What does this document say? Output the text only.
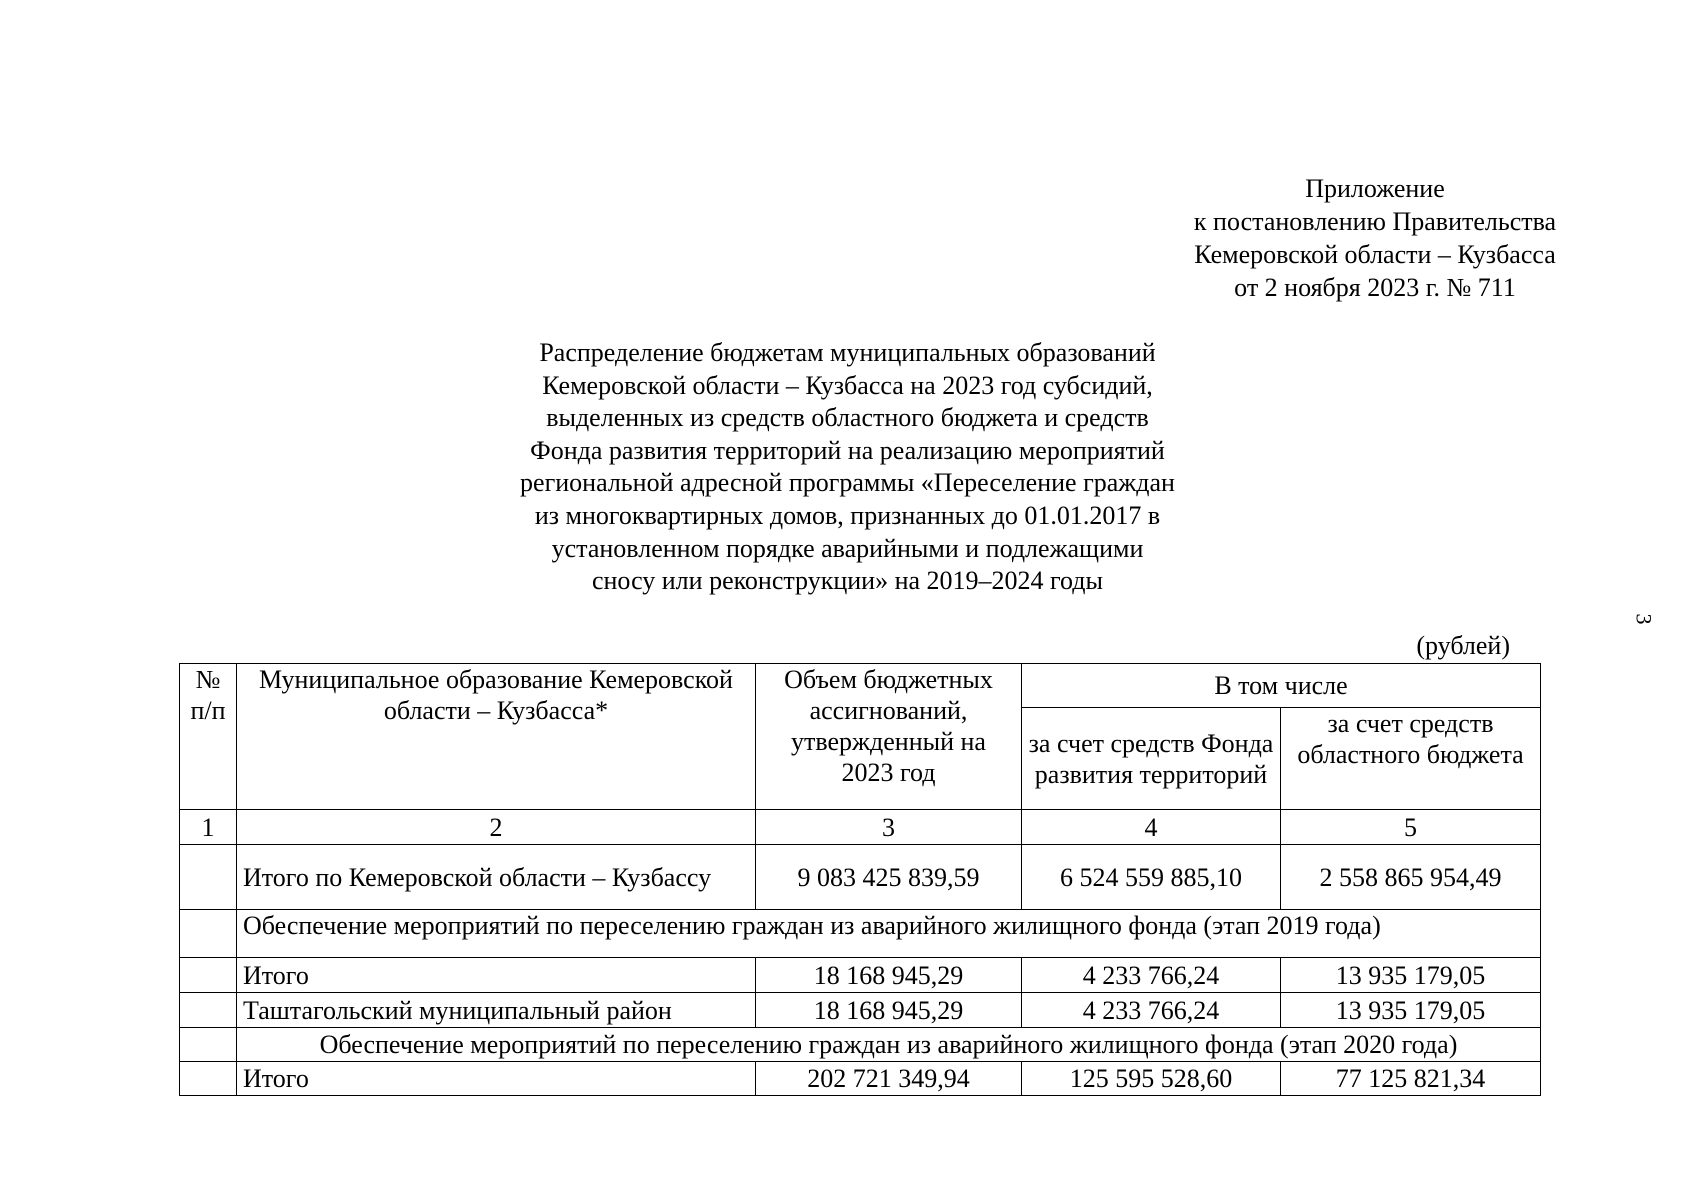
Приложение
к постановлению Правительства
Кемеровской области – Кузбасса
от 2 ноября 2023 г. № 711
Распределение бюджетам муниципальных образований
Кемеровской области – Кузбасса на 2023 год субсидий,
выделенных из средств областного бюджета и средств
Фонда развития территорий на реализацию мероприятий
региональной адресной программы «Переселение граждан
из многоквартирных домов, признанных до 01.01.2017 в
установленном порядке аварийными и подлежащими
сносу или реконструкции» на 2019–2024 годы
3
(рублей)
№ п/п	Муниципальное образование Кемеровской области – Кузбасса*	Объем бюджетных ассигнований, утвержденный на 2023 год	В том числе	
			за счет средств Фонда развития территорий	за счет средств областного бюджета
1	2	3	4	5
	Итого по Кемеровской области – Кузбассу	9 083 425 839,59	6 524 559 885,10	2 558 865 954,49
	Обеспечение мероприятий по переселению граждан из аварийного жилищного фонда (этап 2019 года)			
	Итого	18 168 945,29	4 233 766,24	13 935 179,05
	Таштагольский муниципальный район	18 168 945,29	4 233 766,24	13 935 179,05
	Обеспечение мероприятий по переселению граждан из аварийного жилищного фонда (этап 2020 года)			
	Итого	202 721 349,94	125 595 528,60	77 125 821,34
